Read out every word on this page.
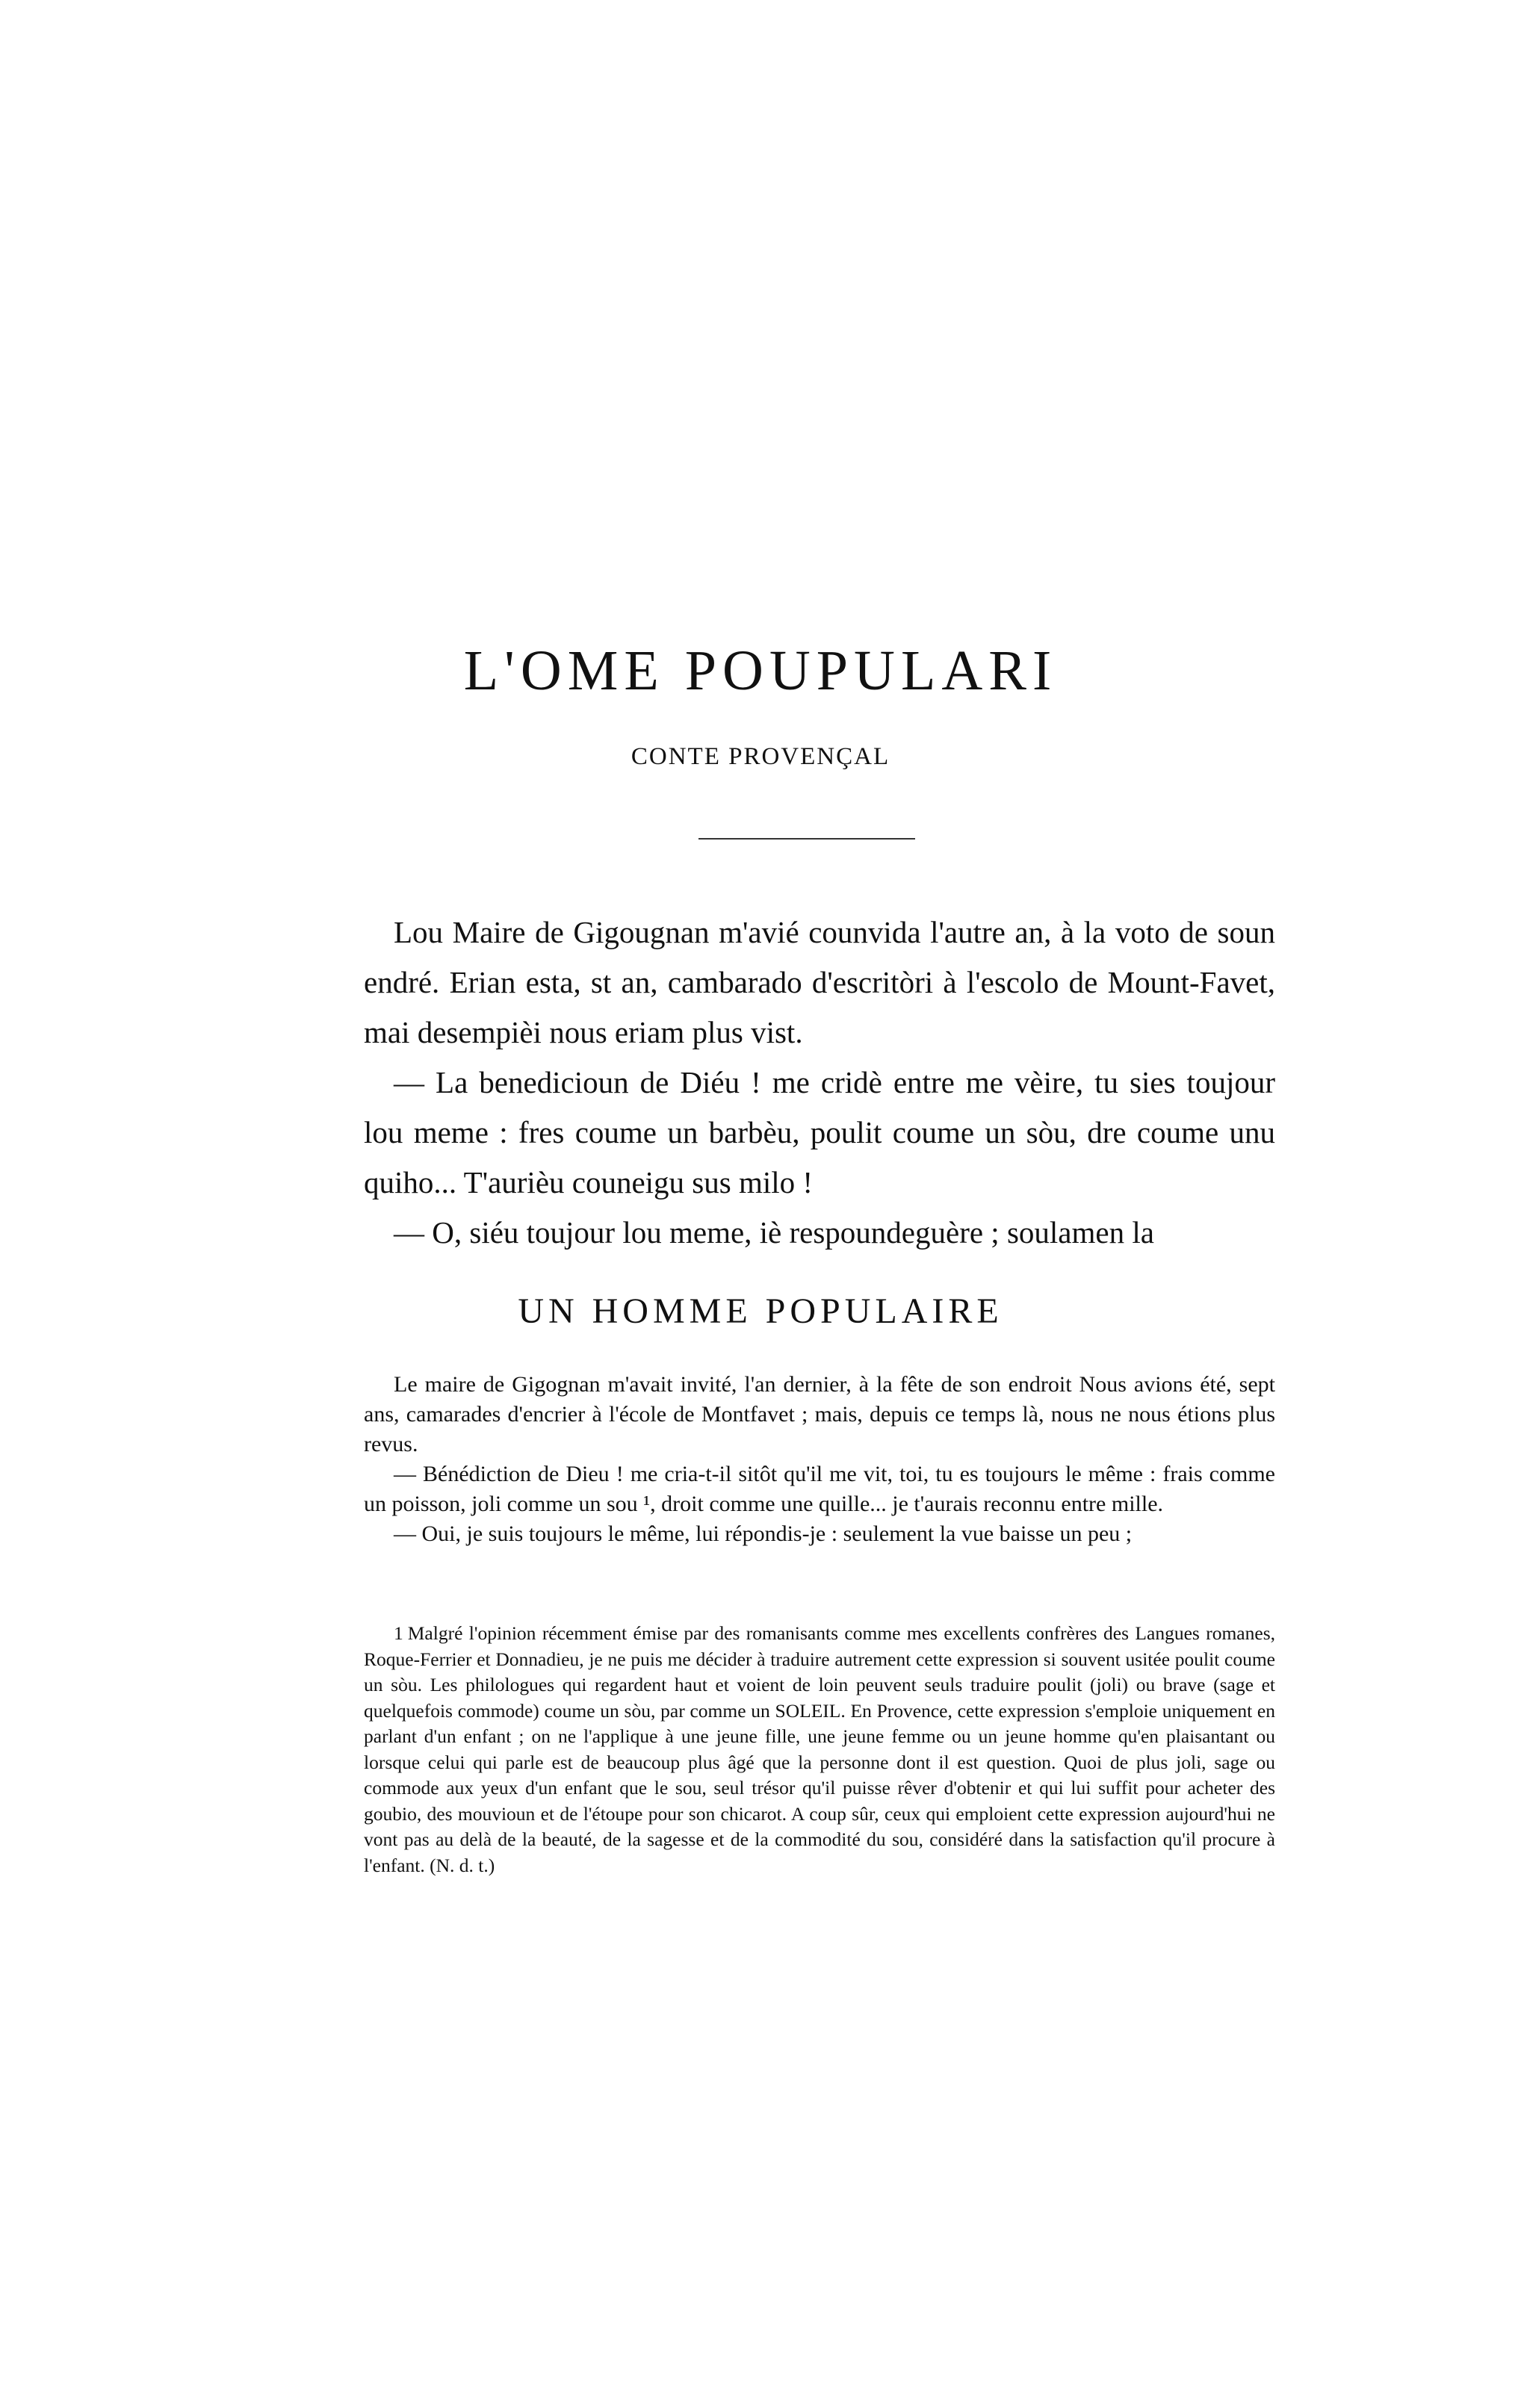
L'OME POUPULARI
CONTE PROVENÇAL

Lou Maire de Gigougnan m'avié counvida l'autre an, à la voto de soun endré. Erian esta, st an, cambarado d'escritòri à l'escolo de Mount-Favet, mai desempièi nous eriam plus vist.

— La benedicioun de Diéu ! me cridè entre me vèire, tu sies toujour lou meme : fres coume un barbèu, poulit coume un sòu, dre coume unu quiho... T'aurièu couneigu sus milo !

— O, siéu toujour lou meme, iè respoundeguère ; soulamen la

UN HOMME POPULAIRE

Le maire de Gigognan m'avait invité, l'an dernier, à la fête de son endroit Nous avions été, sept ans, camarades d'encrier à l'école de Montfavet ; mais, depuis ce temps là, nous ne nous étions plus revus.

— Bénédiction de Dieu ! me cria-t-il sitôt qu'il me vit, toi, tu es toujours le même : frais comme un poisson, joli comme un sou ¹, droit comme une quille... je t'aurais reconnu entre mille.

— Oui, je suis toujours le même, lui répondis-je : seulement la vue baisse un peu ;

1 Malgré l'opinion récemment émise par des romanisants comme mes excellents confrères des Langues romanes, Roque-Ferrier et Donnadieu, je ne puis me décider à traduire autrement cette expression si souvent usitée poulit coume un sòu. Les philologues qui regardent haut et voient de loin peuvent seuls traduire poulit (joli) ou brave (sage et quelquefois commode) coume un sòu, par comme un SOLEIL. En Provence, cette expression s'emploie uniquement en parlant d'un enfant ; on ne l'applique à une jeune fille, une jeune femme ou un jeune homme qu'en plaisantant ou lorsque celui qui parle est de beaucoup plus âgé que la personne dont il est question. Quoi de plus joli, sage ou commode aux yeux d'un enfant que le sou, seul trésor qu'il puisse rêver d'obtenir et qui lui suffit pour acheter des goubio, des mouvioun et de l'étoupe pour son chicarot. A coup sûr, ceux qui emploient cette expression aujourd'hui ne vont pas au delà de la beauté, de la sagesse et de la commodité du sou, considéré dans la satisfaction qu'il procure à l'enfant. (N. d. t.)
